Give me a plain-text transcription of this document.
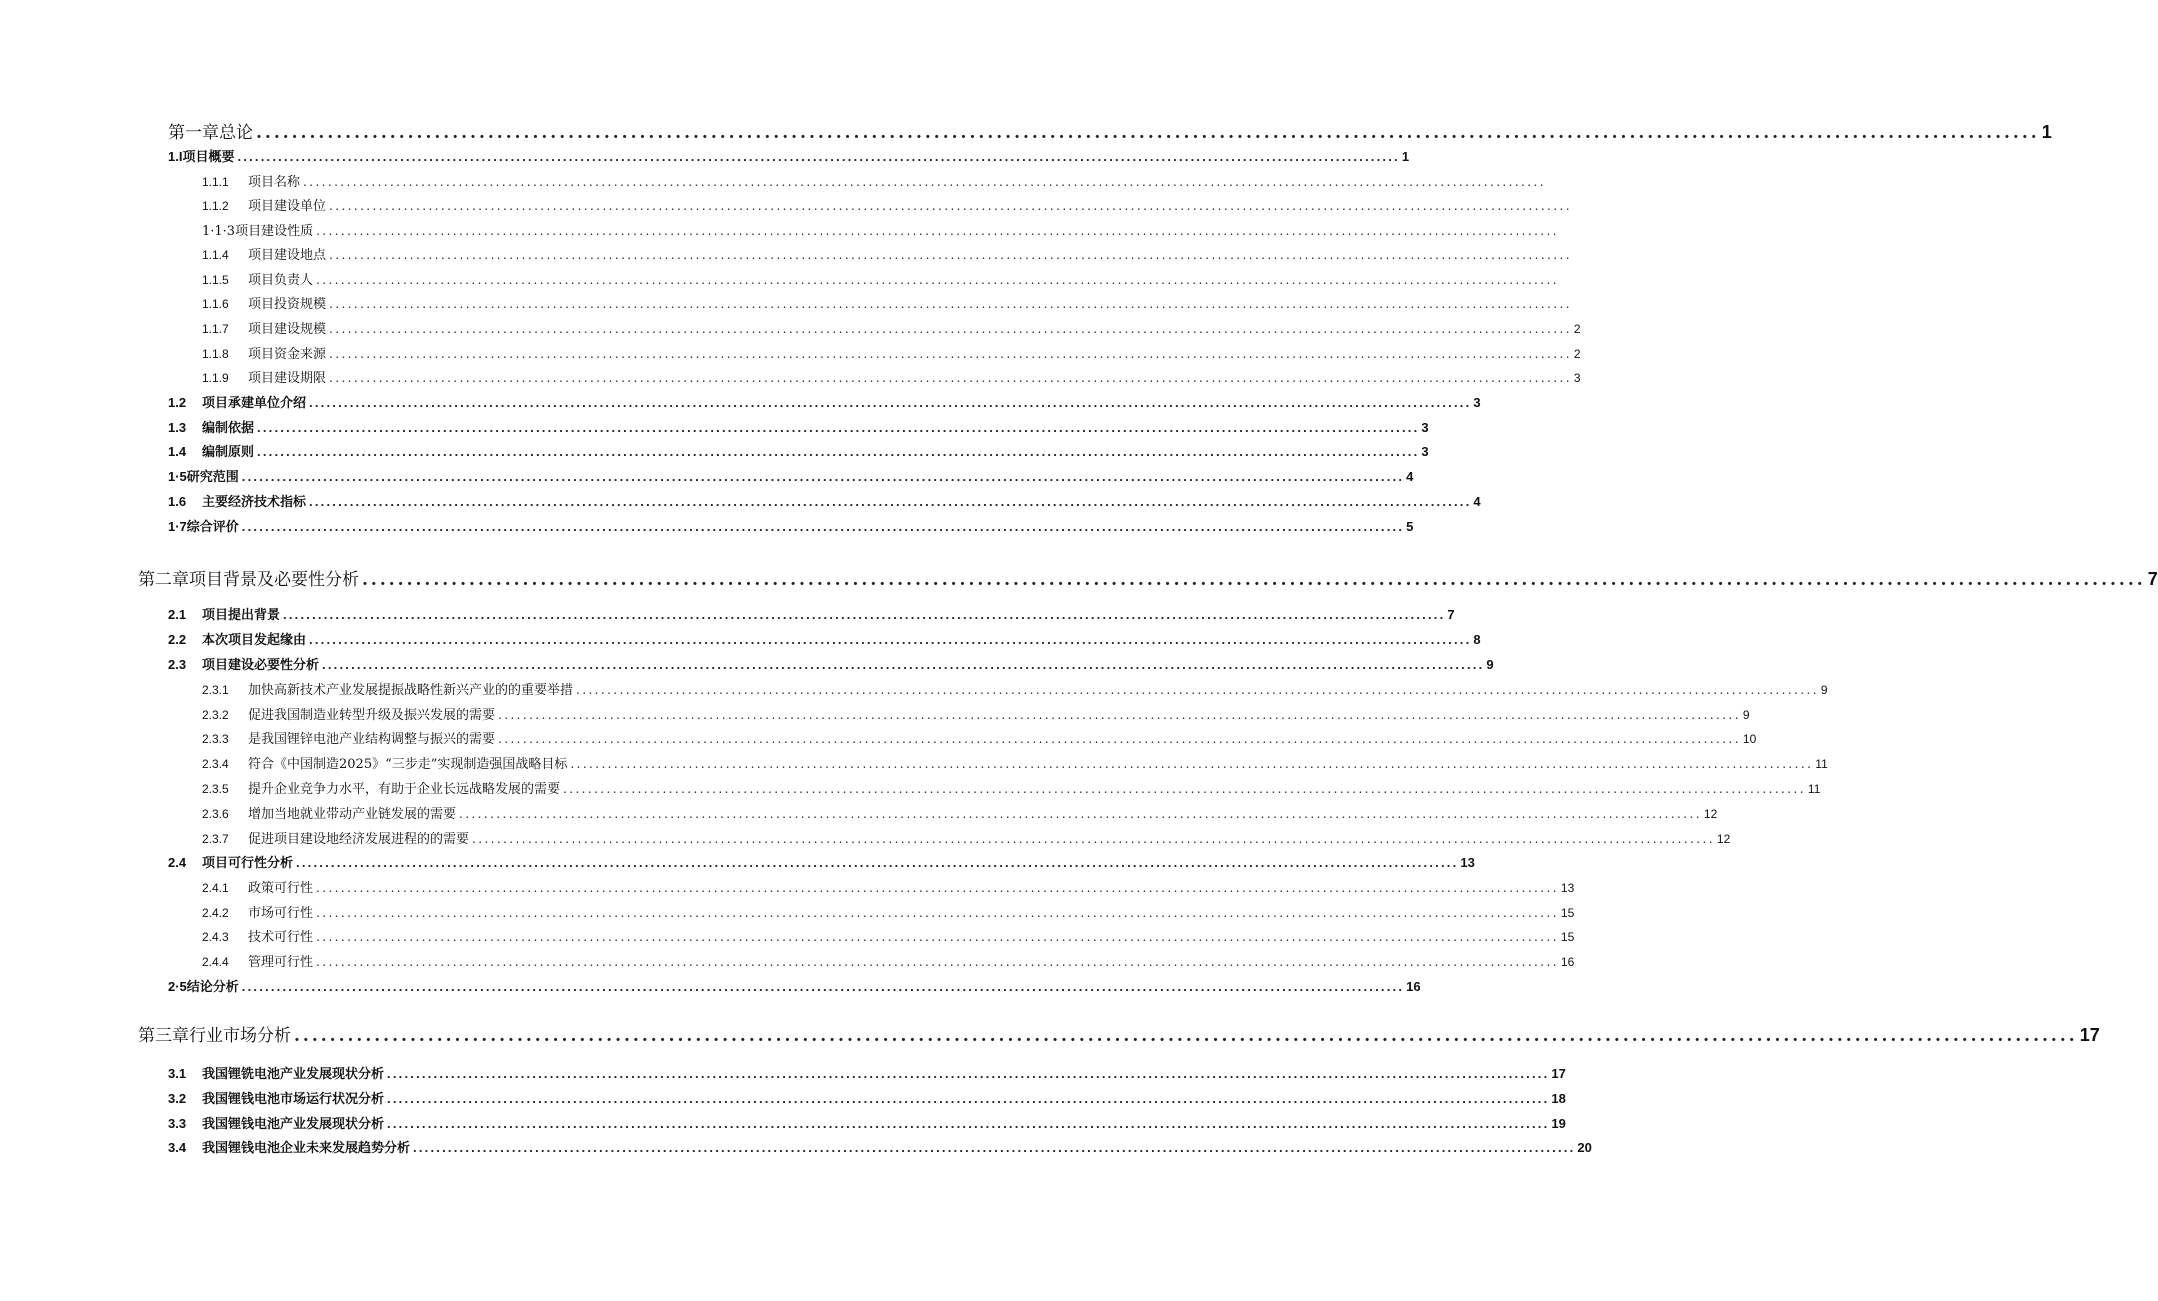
第一章总论 ........................................................................................................................................................................................................ 1
1.I项目概要 ........................................................................................................................................................................................................ 1
1.1.1 项目名称 ........................................................................................................................................................................................................
1.1.2 项目建设单位 ........................................................................................................................................................................................................
1·1·3项目建设性质 ........................................................................................................................................................................................................
1.1.4 项目建设地点 ........................................................................................................................................................................................................
1.1.5 项目负责人 ........................................................................................................................................................................................................
1.1.6 项目投资规模 ........................................................................................................................................................................................................
1.1.7 项目建设规模 ........................................................................................................................................................................................................ 2
1.1.8 项目资金来源 ........................................................................................................................................................................................................ 2
1.1.9 项目建设期限 ........................................................................................................................................................................................................ 3
1.2 项目承建单位介绍 ........................................................................................................................................................................................................ 3
1.3 编制依据 ........................................................................................................................................................................................................ 3
1.4 编制原则 ........................................................................................................................................................................................................ 3
1·5研究范围 ........................................................................................................................................................................................................ 4
1.6 主要经济技术指标 ........................................................................................................................................................................................................ 4
1·7综合评价 ........................................................................................................................................................................................................ 5
第二章项目背景及必要性分析 ........................................................................................................................................................................................................ 7
2.1 项目提出背景 ........................................................................................................................................................................................................ 7
2.2 本次项目发起缘由 ........................................................................................................................................................................................................ 8
2.3 项目建设必要性分析 ........................................................................................................................................................................................................ 9
2.3.1 加快高新技术产业发展提振战略性新兴产业的的重要举措 ........................................................................................................................................................................................................ 9
2.3.2 促进我国制造业转型升级及振兴发展的需要 ........................................................................................................................................................................................................ 9
2.3.3 是我国锂锌电池产业结构调整与振兴的需要 ........................................................................................................................................................................................................ 10
2.3.4 符合《中国制造2025》“三步走”实现制造强国战略目标 ........................................................................................................................................................................................................ 11
2.3.5 提升企业竞争力水平，有助于企业长远战略发展的需要 ........................................................................................................................................................................................................ 11
2.3.6 增加当地就业带动产业链发展的需要 ........................................................................................................................................................................................................ 12
2.3.7 促进项目建设地经济发展进程的的需要 ........................................................................................................................................................................................................ 12
2.4 项目可行性分析 ........................................................................................................................................................................................................ 13
2.4.1 政策可行性 ........................................................................................................................................................................................................ 13
2.4.2 市场可行性 ........................................................................................................................................................................................................ 15
2.4.3 技术可行性 ........................................................................................................................................................................................................ 15
2.4.4 管理可行性 ........................................................................................................................................................................................................ 16
2·5结论分析 ........................................................................................................................................................................................................ 16
第三章行业市场分析 ........................................................................................................................................................................................................ 17
3.1 我国锂铣电池产业发展现状分析 ........................................................................................................................................................................................................ 17
3.2 我国锂钱电池市场运行状况分析 ........................................................................................................................................................................................................ 18
3.3 我国锂钱电池产业发展现状分析 ........................................................................................................................................................................................................ 19
3.4 我国锂钱电池企业未来发展趋势分析 ........................................................................................................................................................................................................ 20
